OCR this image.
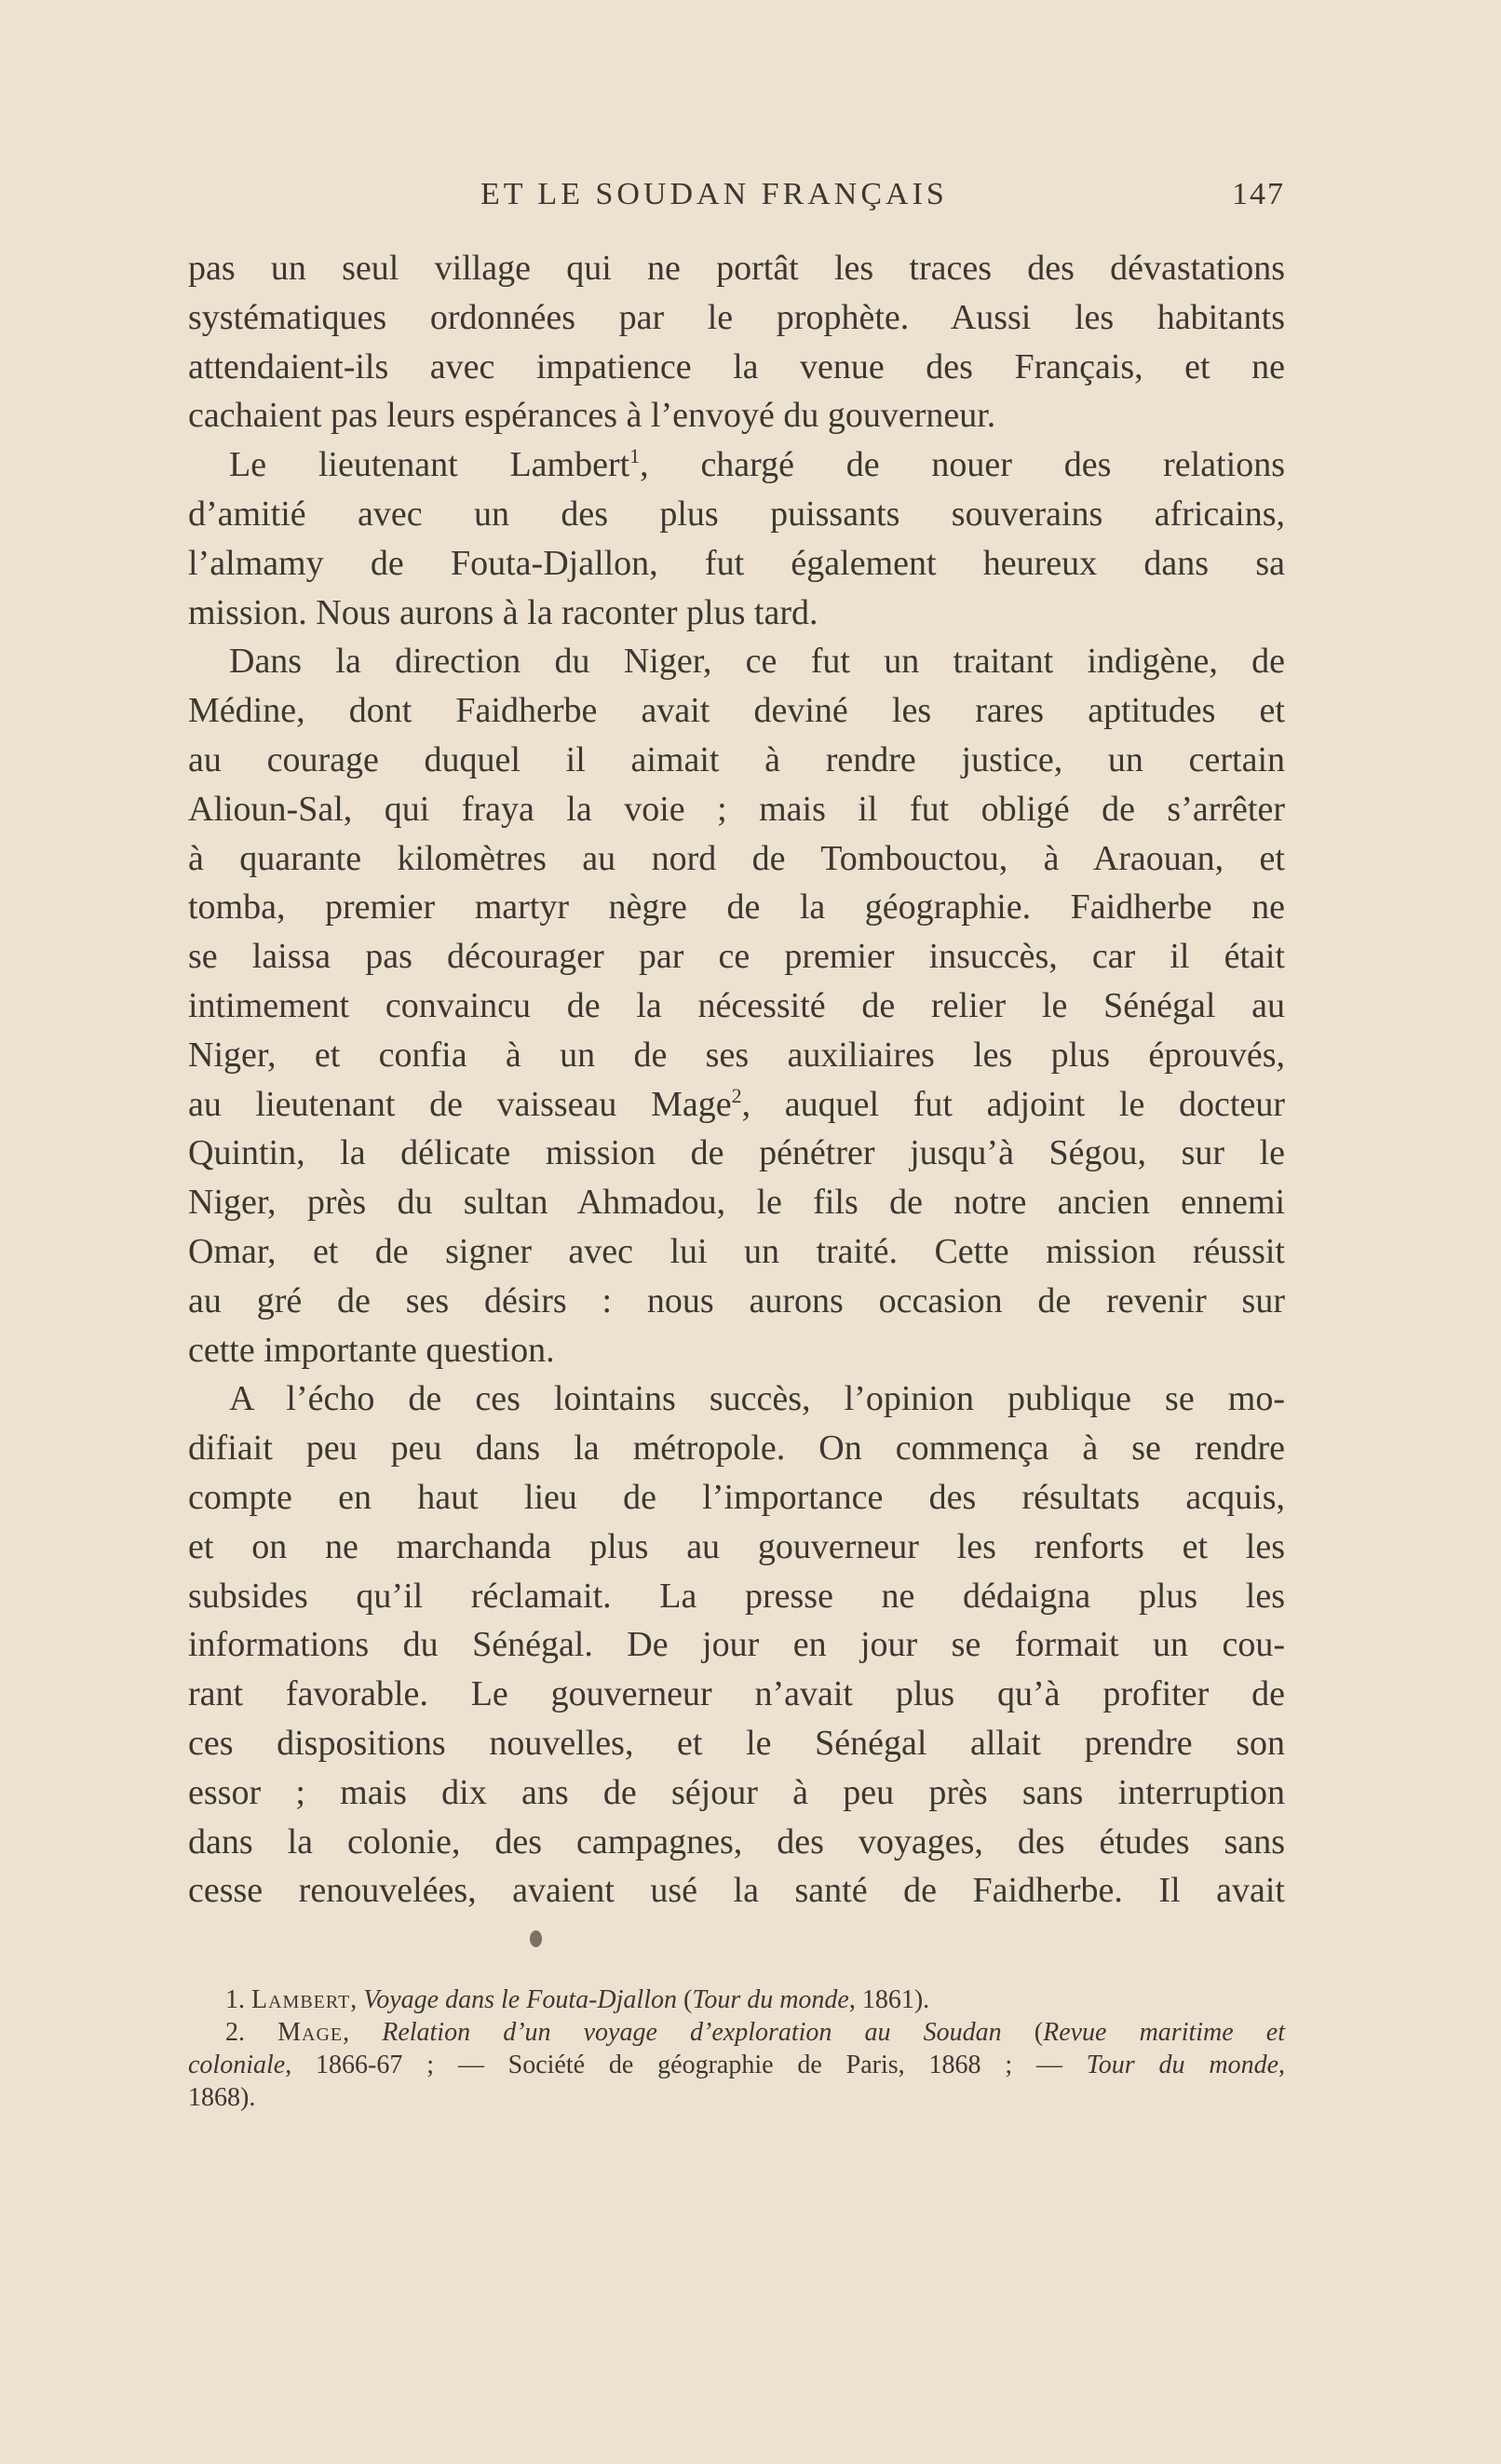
ET LE SOUDAN FRANÇAIS	147
pas un seul village qui ne portât les traces des dévastations
systématiques ordonnées par le prophète. Aussi les habitants
attendaient-ils avec impatience la venue des Français, et ne
cachaient pas leurs espérances à l’envoyé du gouverneur.
Le lieutenant Lambert$^1$, chargé de nouer des relations
d’amitié avec un des plus puissants souverains africains,
l’almamy de Fouta-Djallon, fut également heureux dans sa
mission. Nous aurons à la raconter plus tard.
Dans la direction du Niger, ce fut un traitant indigène, de
Médine, dont Faidherbe avait deviné les rares aptitudes et
au courage duquel il aimait à rendre justice, un certain
Alioun-Sal, qui fraya la voie ; mais il fut obligé de s’arrêter
à quarante kilomètres au nord de Tombouctou, à Araouan, et
tomba, premier martyr nègre de la géographie. Faidherbe ne
se laissa pas décourager par ce premier insuccès, car il était
intimement convaincu de la nécessité de relier le Sénégal au
Niger, et confia à un de ses auxiliaires les plus éprouvés,
au lieutenant de vaisseau Mage$^2$, auquel fut adjoint le docteur
Quintin, la délicate mission de pénétrer jusqu’à Ségou, sur le
Niger, près du sultan Ahmadou, le fils de notre ancien ennemi
Omar, et de signer avec lui un traité. Cette mission réussit
au gré de ses désirs : nous aurons occasion de revenir sur
cette importante question.
A l’écho de ces lointains succès, l’opinion publique se mo-
difiait peu peu dans la métropole. On commença à se rendre
compte en haut lieu de l’importance des résultats acquis,
et on ne marchanda plus au gouverneur les renforts et les
subsides qu’il réclamait. La presse ne dédaigna plus les
informations du Sénégal. De jour en jour se formait un cou-
rant favorable. Le gouverneur n’avait plus qu’à profiter de
ces dispositions nouvelles, et le Sénégal allait prendre son
essor ; mais dix ans de séjour à peu près sans interruption
dans la colonie, des campagnes, des voyages, des études sans
cesse renouvelées, avaient usé la santé de Faidherbe. Il avait
1. Lambert, Voyage dans le Fouta-Djallon (Tour du monde, 1861).
2. Mage, Relation d’un voyage d’exploration au Soudan (Revue maritime et
coloniale, 1866-67 ; — Société de géographie de Paris, 1868 ; — Tour du monde,
1868).
